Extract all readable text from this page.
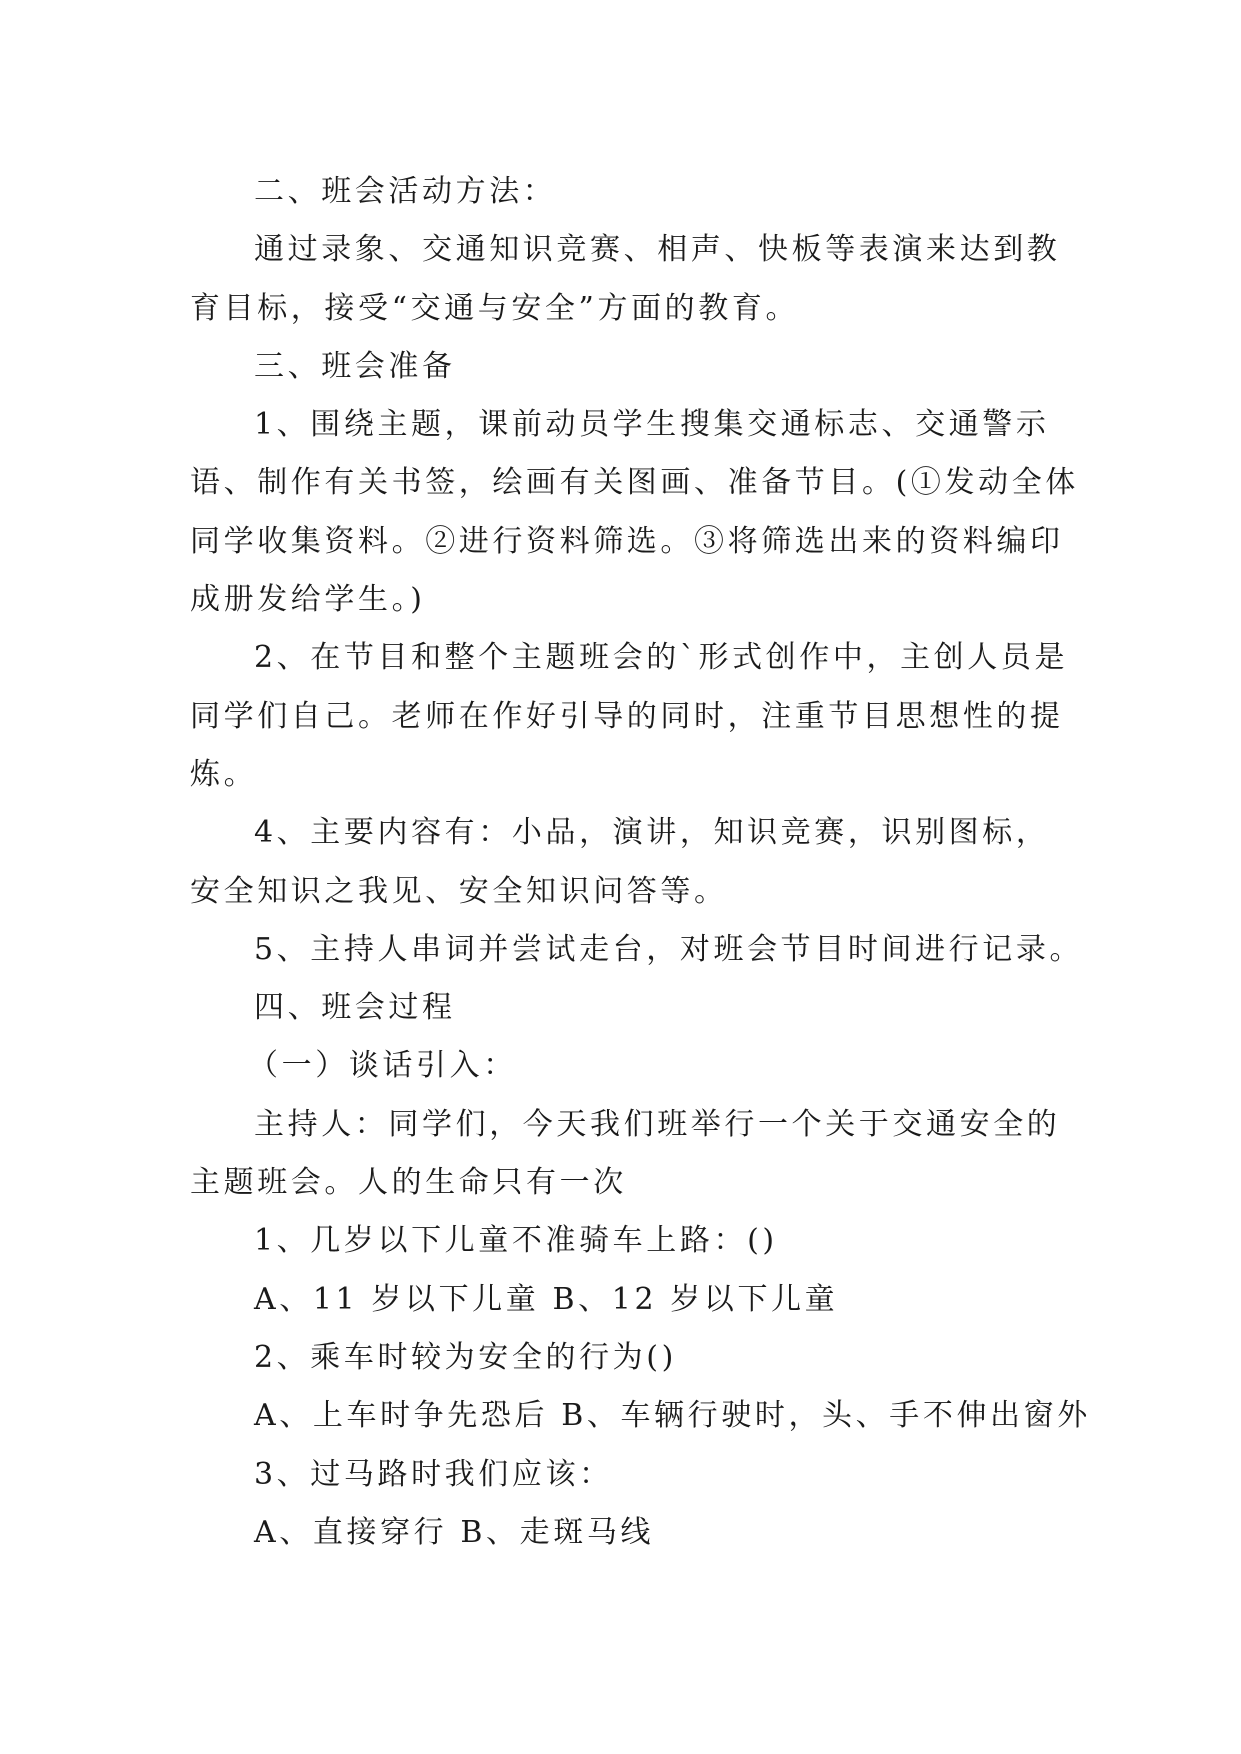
二、班会活动方法：

通过录象、交通知识竞赛、相声、快板等表演来达到教

育目标，接受“交通与安全”方面的教育。

三、班会准备

1、围绕主题，课前动员学生搜集交通标志、交通警示

语、制作有关书签，绘画有关图画、准备节目。(①发动全体

同学收集资料。②进行资料筛选。③将筛选出来的资料编印

成册发给学生。)

2、在节目和整个主题班会的`形式创作中，主创人员是

同学们自己。老师在作好引导的同时，注重节目思想性的提

炼。

4、主要内容有：小品，演讲，知识竞赛，识别图标，

安全知识之我见、安全知识问答等。

5、主持人串词并尝试走台，对班会节目时间进行记录。

四、班会过程

（一）谈话引入：

主持人：同学们，今天我们班举行一个关于交通安全的

主题班会。人的生命只有一次

1、几岁以下儿童不准骑车上路：()

A、11 岁以下儿童 B、12 岁以下儿童

2、乘车时较为安全的行为()

A、上车时争先恐后 B、车辆行驶时，头、手不伸出窗外

3、过马路时我们应该：

A、直接穿行 B、走斑马线
